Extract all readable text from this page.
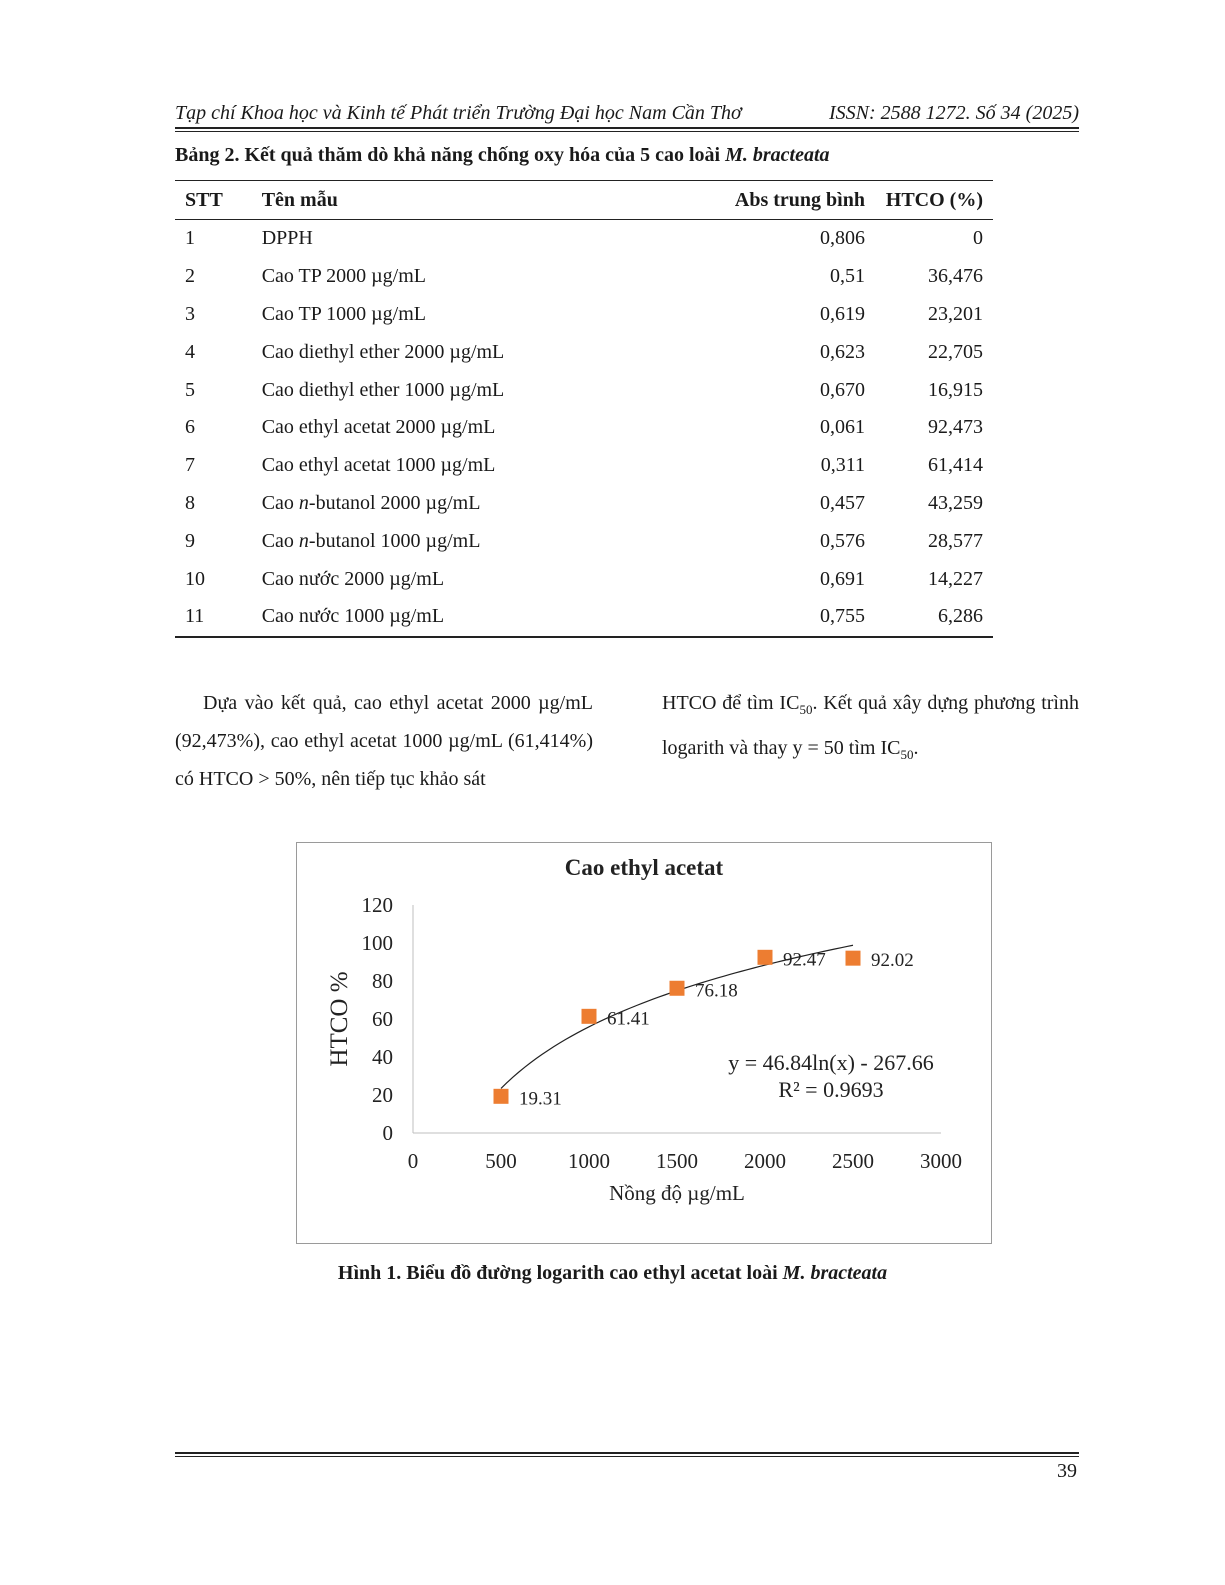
Tạp chí Khoa học và Kinh tế Phát triển Trường Đại học Nam Cần Thơ	ISSN: 2588 1272. Số 34 (2025)
Bảng 2. Kết quả thăm dò khả năng chống oxy hóa của 5 cao loài M. bracteata
STT	Tên mẫu	Abs trung bình	HTCO (%)
1	DPPH	0,806	0
2	Cao TP 2000 µg/mL	0,51	36,476
3	Cao TP 1000 µg/mL	0,619	23,201
4	Cao diethyl ether 2000 µg/mL	0,623	22,705
5	Cao diethyl ether 1000 µg/mL	0,670	16,915
6	Cao ethyl acetat 2000 µg/mL	0,061	92,473
7	Cao ethyl acetat 1000 µg/mL	0,311	61,414
8	Cao n-butanol 2000 µg/mL	0,457	43,259
9	Cao n-butanol 1000 µg/mL	0,576	28,577
10	Cao nước 2000 µg/mL	0,691	14,227
11	Cao nước 1000 µg/mL	0,755	6,286
Dựa vào kết quả, cao ethyl acetat 2000 µg/mL (92,473%), cao ethyl acetat 1000 µg/mL (61,414%) có HTCO > 50%, nên tiếp tục khảo sát
HTCO để tìm $IC_{50}$. Kết quả xây dựng phương trình logarith và thay y = 50 tìm $IC_{50}$.
Cao ethyl acetat
0
20
40
60
80
100
120
0	500 1000 1500 2000 2500 3000
Nồng độ µg/mL
HTCO %
19.31
61.41
76.18
92.47 92.02
y = 46.84ln(x) - 267.66
R² = 0.9693
Hình 1. Biểu đồ đường logarith cao ethyl acetat loài M. bracteata
39
